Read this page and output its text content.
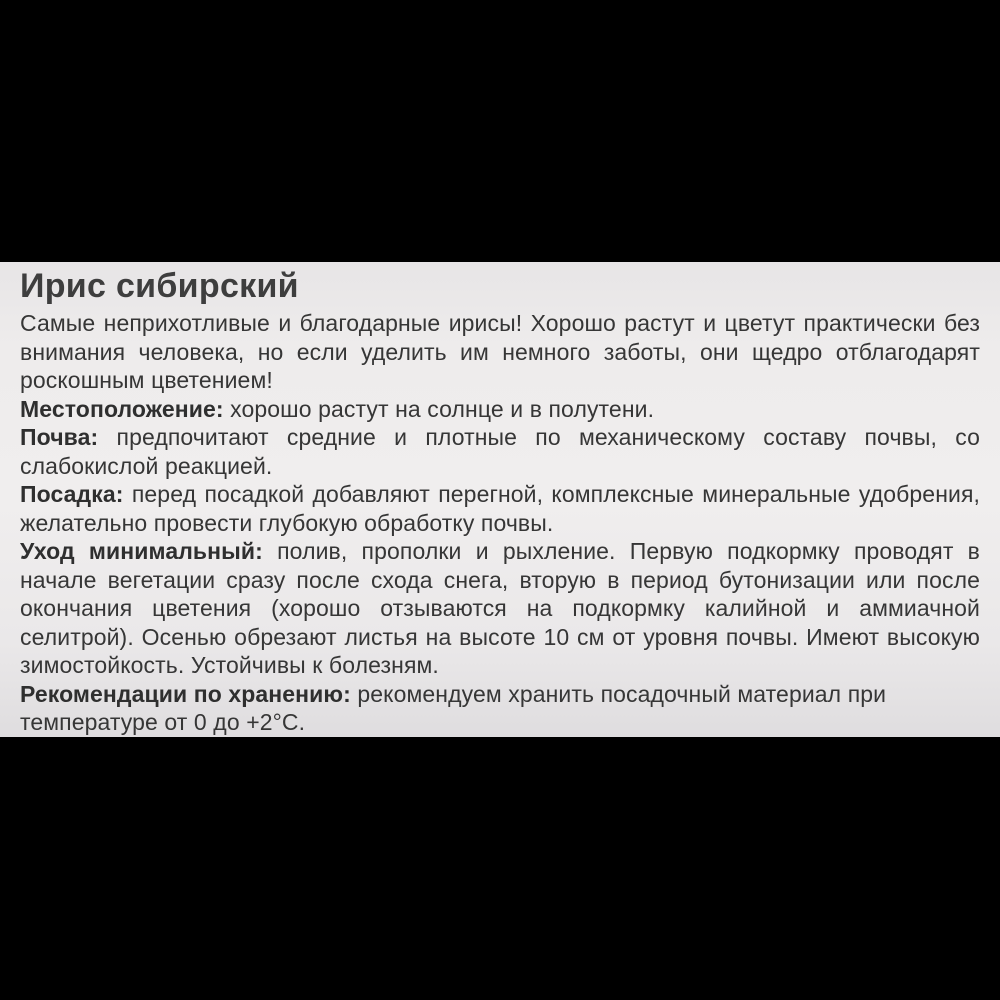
Ирис сибирский

Самые неприхотливые и благодарные ирисы! Хорошо растут и цветут практически без внимания человека, но если уделить им немного заботы, они щедро отблагодарят роскошным цветением!

Местоположение: хорошо растут на солнце и в полутени.

Почва: предпочитают средние и плотные по механическому составу почвы, со слабокислой реакцией.

Посадка: перед посадкой добавляют перегной, комплексные минеральные удобрения, желательно провести глубокую обработку почвы.

Уход минимальный: полив, прополки и рыхление. Первую подкормку проводят в начале вегетации сразу после схода снега, вторую в период бутонизации или после окончания цветения (хорошо отзываются на подкормку калийной и аммиачной селитрой). Осенью обрезают листья на высоте 10 см от уровня почвы. Имеют высокую зимостойкость. Устойчивы к болезням.

Рекомендации по хранению: рекомендуем хранить посадочный материал при температуре от 0 до +2°С.
